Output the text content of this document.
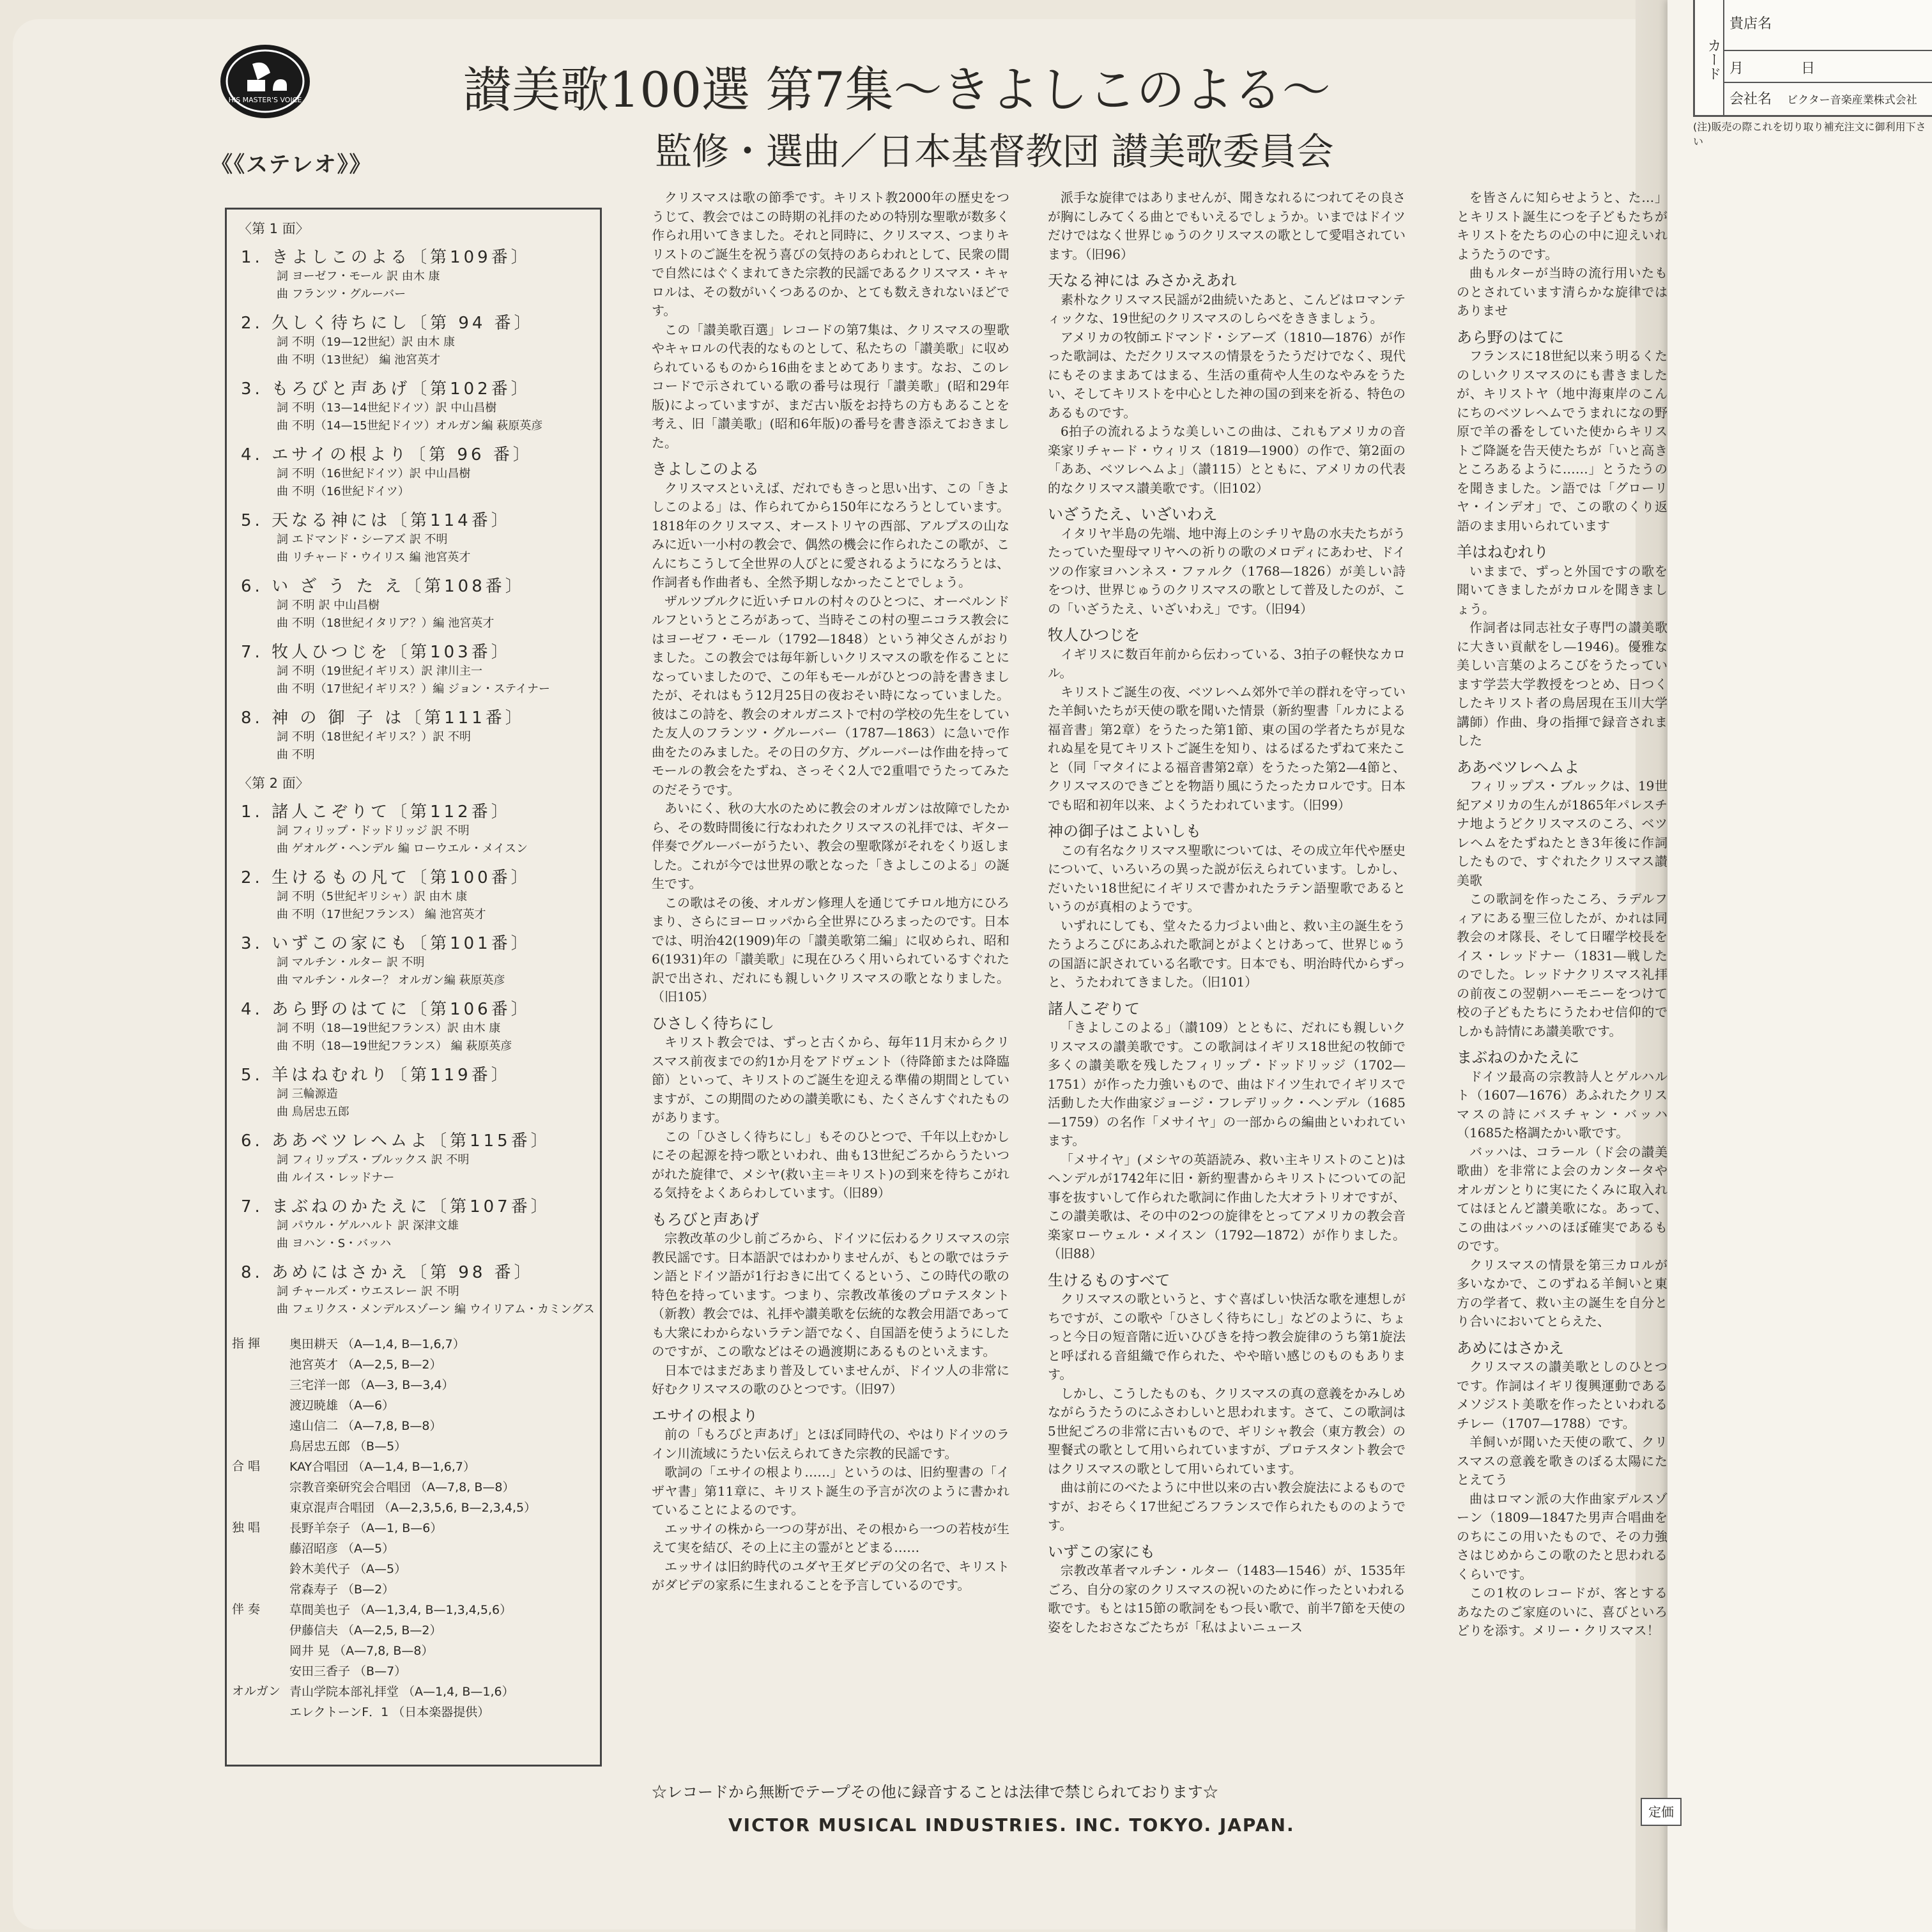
カード
貴店名
月	日
会社名 ビクター音楽産業株式会社
(注)販売の際これを切り取り補充注文に御利用下さい
HIS MASTER'S VOICE
《《ステレオ》》
讃美歌100選 第7集〜きよしこのよる〜
監修・選曲／日本基督教団 讃美歌委員会
〈第 1 面〉
1. きよしこのよる〔第109番〕
詞 ヨーゼフ・モール 訳 由木 康
曲 フランツ・グルーバー
2. 久しく待ちにし〔第 94 番〕
詞 不明（19—12世紀）訳 由木 康
曲 不明（13世紀） 編 池宮英才
3. もろびと声あげ〔第102番〕
詞 不明（13—14世紀ドイツ）訳 中山昌樹
曲 不明（14—15世紀ドイツ）オルガン編 萩原英彦
4. エサイの根より〔第 96 番〕
詞 不明（16世紀ドイツ）訳 中山昌樹
曲 不明（16世紀ドイツ）
5. 天なる神には〔第114番〕
詞 エドマンド・シーアズ 訳 不明
曲 リチャード・ウイリス 編 池宮英才
6. い ざ う た え〔第108番〕
詞 不明 訳 中山昌樹
曲 不明（18世紀イタリア？）編 池宮英才
7. 牧人ひつじを〔第103番〕
詞 不明（19世紀イギリス）訳 津川主一
曲 不明（17世紀イギリス？）編 ジョン・ステイナー
8. 神 の 御 子 は〔第111番〕
詞 不明（18世紀イギリス？）訳 不明
曲 不明
〈第 2 面〉
1. 諸人こぞりて〔第112番〕
詞 フィリップ・ドッドリッジ 訳 不明
曲 ゲオルグ・ヘンデル 編 ローウエル・メイスン
2. 生けるもの凡て〔第100番〕
詞 不明（5世紀ギリシャ）訳 由木 康
曲 不明（17世紀フランス） 編 池宮英才
3. いずこの家にも〔第101番〕
詞 マルチン・ルター 訳 不明
曲 マルチン・ルター？ オルガン編 萩原英彦
4. あら野のはてに〔第106番〕
詞 不明（18—19世紀フランス）訳 由木 康
曲 不明（18—19世紀フランス） 編 萩原英彦
5. 羊はねむれり〔第119番〕
詞 三輪源造
曲 鳥居忠五郎
6. ああベツレヘムよ〔第115番〕
詞 フィリップス・ブルックス 訳 不明
曲 ルイス・レッドナー
7. まぶねのかたえに〔第107番〕
詞 パウル・ゲルハルト 訳 深津文雄
曲 ヨハン・S・バッハ
8. あめにはさかえ〔第 98 番〕
詞 チャールズ・ウエスレー 訳 不明
曲 フェリクス・メンデルスゾーン 編 ウイリアム・カミングス
指 揮	奥田耕天 （A—1,4, B—1,6,7）
池宮英才 （A—2,5, B—2）
三宅洋一郎 （A—3, B—3,4）
渡辺暁雄 （A—6）
遠山信二 （A—7,8, B—8）
鳥居忠五郎 （B—5）
合 唱	KAY合唱団 （A—1,4, B—1,6,7）
宗教音楽研究会合唱団 （A—7,8, B—8）
東京混声合唱団 （A—2,3,5,6, B—2,3,4,5）
独 唱	長野羊奈子 （A—1, B—6）
藤沼昭彦 （A—5）
鈴木美代子 （A—5）
常森寿子 （B—2）
伴 奏	草間美也子 （A—1,3,4, B—1,3,4,5,6）
伊藤信夫 （A—2,5, B—2）
岡井 晃 （A—7,8, B—8）
安田三香子 （B—7）
オルガン 青山学院本部礼拝堂 （A—1,4, B—1,6）
エレクトーンF．1 （日本楽器提供）

クリスマスは歌の節季です。キリスト教2000年の歴史をつうじて、教会ではこの時期の礼拝のための特別な聖歌が数多く作られ用いてきました。それと同時に、クリスマス、つまりキリストのご誕生を祝う喜びの気持のあらわれとして、民衆の間で自然にはぐくまれてきた宗教的民謡であるクリスマス・キャロルは、その数がいくつあるのか、とても数えきれないほどです。

この「讃美歌百選」レコードの第7集は、クリスマスの聖歌やキャロルの代表的なものとして、私たちの「讃美歌」に収められているものから16曲をまとめてあります。なお、このレコードで示されている歌の番号は現行「讃美歌」(昭和29年版)によっていますが、まだ古い版をお持ちの方もあることを考え、旧「讃美歌」(昭和6年版)の番号を書き添えておきました。

きよしこのよる

クリスマスといえば、だれでもきっと思い出す、この「きよしこのよる」は、作られてから150年になろうとしています。1818年のクリスマス、オーストリヤの西部、アルプスの山なみに近い一小村の教会で、偶然の機会に作られたこの歌が、こんにちこうして全世界の人びとに愛されるようになろうとは、作詞者も作曲者も、全然予期しなかったことでしょう。

ザルツブルクに近いチロルの村々のひとつに、オーベルンドルフというところがあって、当時そこの村の聖ニコラス教会にはヨーゼフ・モール（1792—1848）という神父さんがおりました。この教会では毎年新しいクリスマスの歌を作ることになっていましたので、この年もモールがひとつの詩を書きましたが、それはもう12月25日の夜おそい時になっていました。彼はこの詩を、教会のオルガニストで村の学校の先生をしていた友人のフランツ・グルーバー（1787—1863）に急いで作曲をたのみました。その日の夕方、グルーバーは作曲を持ってモールの教会をたずね、さっそく2人で2重唱でうたってみたのだそうです。

あいにく、秋の大水のために教会のオルガンは故障でしたから、その数時間後に行なわれたクリスマスの礼拝では、ギター伴奏でグルーバーがうたい、教会の聖歌隊がそれをくり返しました。これが今では世界の歌となった「きよしこのよる」の誕生です。

この歌はその後、オルガン修理人を通じてチロル地方にひろまり、さらにヨーロッパから全世界にひろまったのです。日本では、明治42(1909)年の「讃美歌第二編」に収められ、昭和6(1931)年の「讃美歌」に現在ひろく用いられているすぐれた訳で出され、だれにも親しいクリスマスの歌となりました。（旧105）

ひさしく待ちにし

キリスト教会では、ずっと古くから、毎年11月末からクリスマス前夜までの約1か月をアドヴェント（待降節または降臨節）といって、キリストのご誕生を迎える準備の期間としていますが、この期間のための讃美歌にも、たくさんすぐれたものがあります。

この「ひさしく待ちにし」もそのひとつで、千年以上むかしにその起源を持つ歌といわれ、曲も13世紀ごろからうたいつがれた旋律で、メシヤ(救い主＝キリスト)の到来を待ちこがれる気持をよくあらわしています。（旧89）

もろびと声あげ

宗教改革の少し前ごろから、ドイツに伝わるクリスマスの宗教民謡です。日本語訳ではわかりませんが、もとの歌ではラテン語とドイツ語が1行おきに出てくるという、この時代の歌の特色を持っています。つまり、宗教改革後のプロテスタント（新教）教会では、礼拝や讃美歌を伝統的な教会用語であっても大衆にわからないラテン語でなく、自国語を使うようにしたのですが、この歌などはその過渡期にあるものといえます。

日本ではまだあまり普及していませんが、ドイツ人の非常に好むクリスマスの歌のひとつです。（旧97）

エサイの根より

前の「もろびと声あげ」とほぼ同時代の、やはりドイツのライン川流域にうたい伝えられてきた宗教的民謡です。

歌詞の「エサイの根より……」というのは、旧約聖書の「イザヤ書」第11章に、キリスト誕生の予言が次のように書かれていることによるのです。

エッサイの株から一つの芽が出、その根から一つの若枝が生えて実を結び、その上に主の霊がとどまる……

エッサイは旧約時代のユダヤ王ダビデの父の名で、キリストがダビデの家系に生まれることを予言しているのです。

派手な旋律ではありませんが、聞きなれるにつれてその良さが胸にしみてくる曲とでもいえるでしょうか。いまではドイツだけではなく世界じゅうのクリスマスの歌として愛唱されています。（旧96）

天なる神には みさかえあれ

素朴なクリスマス民謡が2曲続いたあと、こんどはロマンティックな、19世紀のクリスマスのしらべをききましょう。

アメリカの牧師エドマンド・シアーズ（1810—1876）が作った歌詞は、ただクリスマスの情景をうたうだけでなく、現代にもそのままあてはまる、生活の重荷や人生のなやみをうたい、そしてキリストを中心とした神の国の到来を祈る、特色のあるものです。

6拍子の流れるような美しいこの曲は、これもアメリカの音楽家リチャード・ウィリス（1819—1900）の作で、第2面の「ああ、ベツレヘムよ」（讃115）とともに、アメリカの代表的なクリスマス讃美歌です。（旧102）

いざうたえ、いざいわえ

イタリヤ半島の先端、地中海上のシチリヤ島の水夫たちがうたっていた聖母マリヤへの祈りの歌のメロディにあわせ、ドイツの作家ヨハンネス・ファルク（1768—1826）が美しい詩をつけ、世界じゅうのクリスマスの歌として普及したのが、この「いざうたえ、いざいわえ」です。（旧94）

牧人ひつじを

イギリスに数百年前から伝わっている、3拍子の軽快なカロル。

キリストご誕生の夜、ベツレヘム郊外で羊の群れを守っていた羊飼いたちが天使の歌を聞いた情景（新約聖書「ルカによる福音書」第2章）をうたった第1節、東の国の学者たちが見なれぬ星を見てキリストご誕生を知り、はるばるたずねて来たこと（同「マタイによる福音書第2章）をうたった第2—4節と、クリスマスのできごとを物語り風にうたったカロルです。日本でも昭和初年以来、よくうたわれています。（旧99）

神の御子はこよいしも

この有名なクリスマス聖歌については、その成立年代や歴史について、いろいろの異った説が伝えられています。しかし、だいたい18世紀にイギリスで書かれたラテン語聖歌であるというのが真相のようです。

いずれにしても、堂々たる力づよい曲と、救い主の誕生をうたうよろこびにあふれた歌詞とがよくとけあって、世界じゅうの国語に訳されている名歌です。日本でも、明治時代からずっと、うたわれてきました。（旧101）

諸人こぞりて

「きよしこのよる」（讃109）とともに、だれにも親しいクリスマスの讃美歌です。この歌詞はイギリス18世紀の牧師で多くの讃美歌を残したフィリップ・ドッドリッジ（1702—1751）が作った力強いもので、曲はドイツ生れでイギリスで活動した大作曲家ジョージ・フレデリック・ヘンデル（1685—1759）の名作「メサイヤ」の一部からの編曲といわれています。

「メサイヤ」(メシヤの英語読み、救い主キリストのこと)はヘンデルが1742年に旧・新約聖書からキリストについての記事を抜すいして作られた歌詞に作曲した大オラトリオですが、この讃美歌は、その中の2つの旋律をとってアメリカの教会音楽家ローウェル・メイスン（1792—1872）が作りました。（旧88）

生けるものすべて

クリスマスの歌というと、すぐ喜ばしい快活な歌を連想しがちですが、この歌や「ひさしく待ちにし」などのように、ちょっと今日の短音階に近いひびきを持つ教会旋律のうち第1旋法と呼ばれる音組織で作られた、やや暗い感じのものもあります。

しかし、こうしたものも、クリスマスの真の意義をかみしめながらうたうのにふさわしいと思われます。さて、この歌詞は5世紀ごろの非常に古いもので、ギリシャ教会（東方教会）の聖餐式の歌として用いられていますが、プロテスタント教会ではクリスマスの歌として用いられています。

曲は前にのべたように中世以来の古い教会旋法によるものですが、おそらく17世紀ごろフランスで作られたもののようです。

いずこの家にも

宗教改革者マルチン・ルター（1483—1546）が、1535年ごろ、自分の家のクリスマスの祝いのために作ったといわれる歌です。もとは15節の歌詞をもつ長い歌で、前半7節を天使の姿をしたおさなごたちが「私はよいニュース

を皆さんに知らせようと、た…」とキリスト誕生につを子どもたちがキリストをたちの心の中に迎えいれようたうのです。

曲もルターが当時の流行用いたものとされています清らかな旋律ではありませ

あら野のはてに

フランスに18世紀以来う明るくたのしいクリスマスのにも書きましたが、キリストヤ（地中海東岸のこんにちのベツレヘムでうまれになの野原で羊の番をしていた使からキリストご降誕を告天使たちが「いと高きところあるように……」とうたうのを聞きました。ン語では「グローリヤ・インデオ」で、この歌のくり返語のまま用いられています

羊はねむれり

いままで、ずっと外国ですの歌を聞いてきましたがカロルを聞きましょう。

作詞者は同志社女子専門の讃美歌に大きい貢献をし—1946)。優雅な美しい言葉のよろこびをうたっています学芸大学教授をつとめ、日つくしたキリスト者の鳥居現在玉川大学講師）作曲、身の指揮で録音されました

ああベツレヘムよ

フィリップス・ブルックは、19世紀アメリカの生んが1865年パレスチナ地ようどクリスマスのころ、ベツレヘムをたずねたとき3年後に作詞したもので、すぐれたクリスマス讃美歌

この歌詞を作ったころ、ラデルフィアにある聖三位したが、かれは同教会のオ隊長、そして日曜学校長をイス・レッドナー（1831—戦したのでした。レッドナクリスマス礼拝の前夜この翌朝ハーモニーをつけて校の子どもたちにうたわせ信仰的でしかも詩情にあ讃美歌です。

まぶねのかたえに

ドイツ最高の宗教詩人とゲルハルト（1607—1676）あふれたクリスマスの詩にバスチャン・バッハ（1685た格調たかい歌です。

バッハは、コラール（ド会の讃美歌曲）を非常によ会のカンタータやオルガンとりに実にたくみに取入れてはほとんど讃美歌にな。あって、この曲はバッハのほぼ確実であるものです。

クリスマスの情景を第三カロルが多いなかで、このずねる羊飼いと東方の学者て、救い主の誕生を自分とり合いにおいてとらえた、

あめにはさかえ

クリスマスの讃美歌としのひとつです。作詞はイギリ復興運動であるメソジスト美歌を作ったといわれるチレー（1707—1788）です。

羊飼いが聞いた天使の歌て、クリスマスの意義を歌きのぼる太陽にたとえてう

曲はロマン派の大作曲家デルスゾーン（1809—1847た男声合唱曲をのちにこの用いたもので、その力強さはじめからこの歌のたと思われるくらいです。

この1枚のレコードが、客とする あなたのご家庭のいに、喜びといろどりを添す。メリー・クリスマス！

☆レコードから無断でテープその他に録音することは法律で禁じられております☆
VICTOR MUSICAL INDUSTRIES. INC. TOKYO. JAPAN.
定価
